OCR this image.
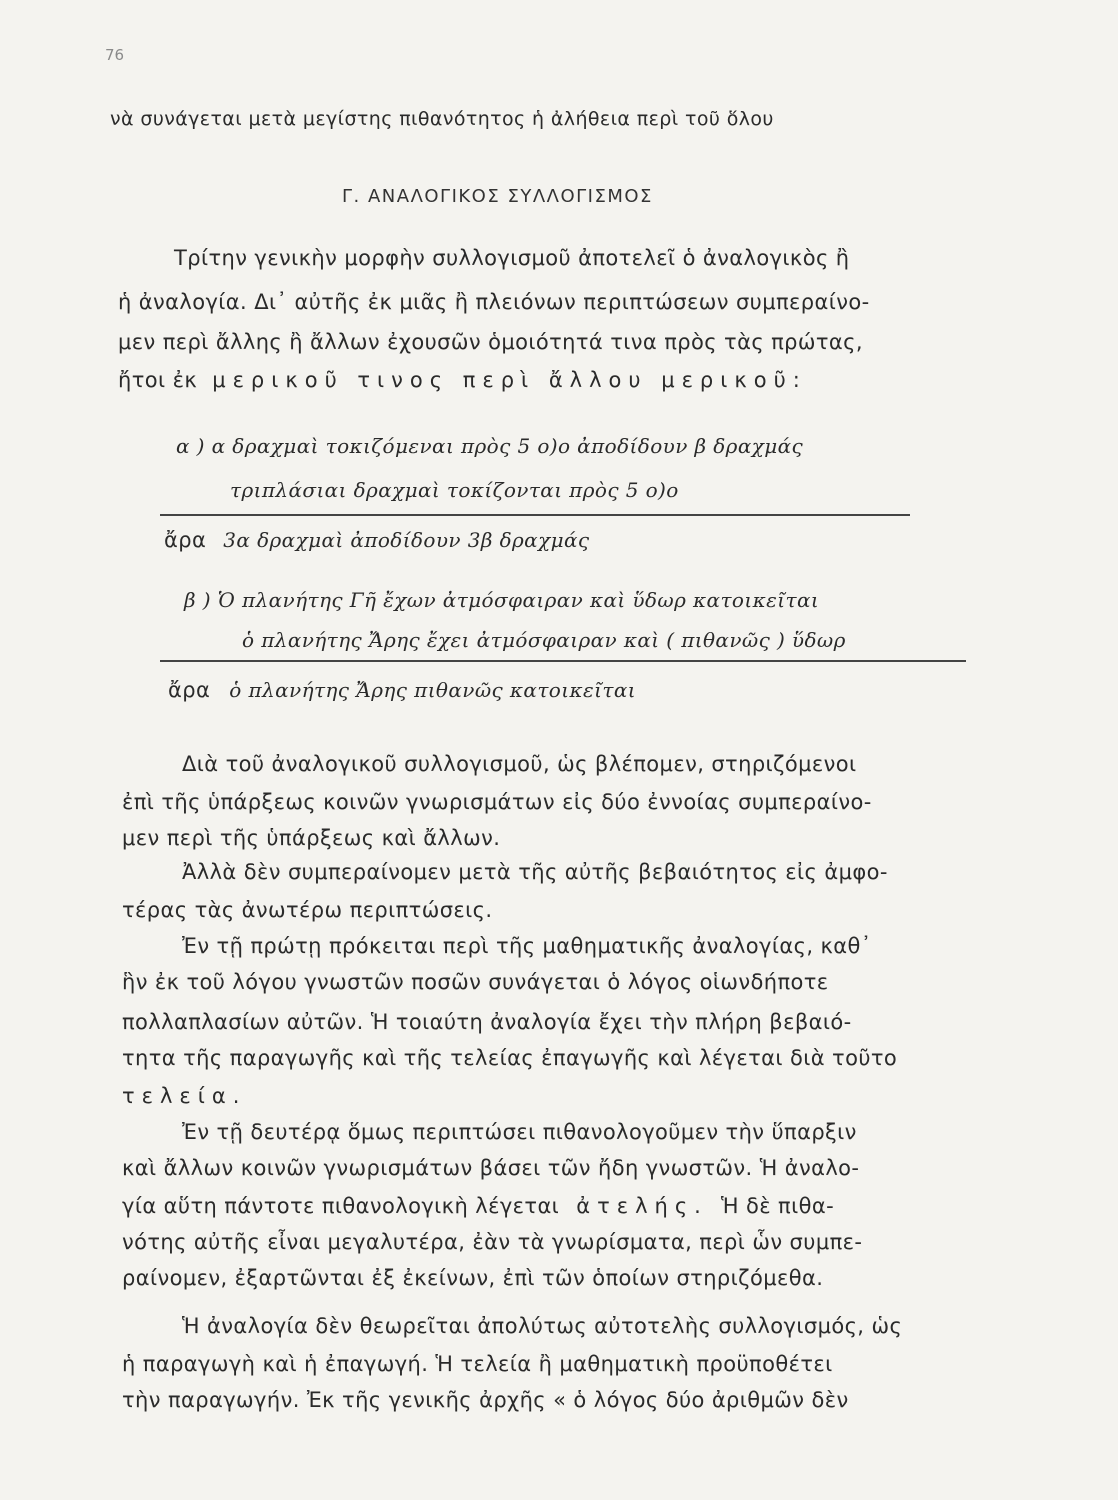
76
νὰ συνάγεται μετὰ μεγίστης πιθανότητος ἡ ἀλήθεια περὶ τοῦ ὅλου
Γ. ΑΝΑΛΟΓΙΚΟΣ ΣΥΛΛΟΓΙΣΜΟΣ
Τρίτην γενικὴν μορφὴν συλλογισμοῦ ἀποτελεῖ ὁ ἀναλογικὸς ἢ
ἡ ἀναλογία. Δι᾽ αὐτῆς ἐκ μιᾶς ἢ πλειόνων περιπτώσεων συμπεραίνο-
μεν περὶ ἄλλης ἢ ἄλλων ἐχουσῶν ὁμοιότητά τινα πρὸς τὰς πρώτας,
ἤτοι ἐκ μερικοῦ τινος περὶ ἄλλου μερικοῦ:
α ) α δραχμαὶ τοκιζόμεναι πρὸς 5 ο)ο ἀποδίδουν β δραχμάς
τριπλάσιαι δραχμαὶ τοκίζονται πρὸς 5 ο)ο
ἄρα 3α δραχμαὶ ἀποδίδουν 3β δραχμάς
β ) Ὁ πλανήτης Γῆ ἔχων ἀτμόσφαιραν καὶ ὕδωρ κατοικεῖται
ὁ πλανήτης Ἄρης ἔχει ἀτμόσφαιραν καὶ ( πιθανῶς ) ὕδωρ
ἄρα ὁ πλανήτης Ἄρης πιθανῶς κατοικεῖται
Διὰ τοῦ ἀναλογικοῦ συλλογισμοῦ, ὡς βλέπομεν, στηριζόμενοι
ἐπὶ τῆς ὑπάρξεως κοινῶν γνωρισμάτων εἰς δύο ἐννοίας συμπεραίνο-
μεν περὶ τῆς ὑπάρξεως καὶ ἄλλων.
Ἀλλὰ δὲν συμπεραίνομεν μετὰ τῆς αὐτῆς βεβαιότητος εἰς ἀμφο-
τέρας τὰς ἀνωτέρω περιπτώσεις.
Ἐν τῇ πρώτῃ πρόκειται περὶ τῆς μαθηματικῆς ἀναλογίας, καθ᾽
ἣν ἐκ τοῦ λόγου γνωστῶν ποσῶν συνάγεται ὁ λόγος οἱωνδήποτε
πολλαπλασίων αὐτῶν. Ἡ τοιαύτη ἀναλογία ἔχει τὴν πλήρη βεβαιό-
τητα τῆς παραγωγῆς καὶ τῆς τελείας ἐπαγωγῆς καὶ λέγεται διὰ τοῦτο
τελεία.
Ἐν τῇ δευτέρᾳ ὅμως περιπτώσει πιθανολογοῦμεν τὴν ὕπαρξιν
καὶ ἄλλων κοινῶν γνωρισμάτων βάσει τῶν ἤδη γνωστῶν. Ἡ ἀναλο-
γία αὕτη πάντοτε πιθανολογικὴ λέγεται ἀτελής. Ἡ δὲ πιθα-
νότης αὐτῆς εἶναι μεγαλυτέρα, ἐὰν τὰ γνωρίσματα, περὶ ὧν συμπε-
ραίνομεν, ἐξαρτῶνται ἐξ ἐκείνων, ἐπὶ τῶν ὁποίων στηριζόμεθα.
Ἡ ἀναλογία δὲν θεωρεῖται ἀπολύτως αὐτοτελὴς συλλογισμός, ὡς
ἡ παραγωγὴ καὶ ἡ ἐπαγωγή. Ἡ τελεία ἢ μαθηματικὴ προϋποθέτει
τὴν παραγωγήν. Ἐκ τῆς γενικῆς ἀρχῆς « ὁ λόγος δύο ἀριθμῶν δὲν
